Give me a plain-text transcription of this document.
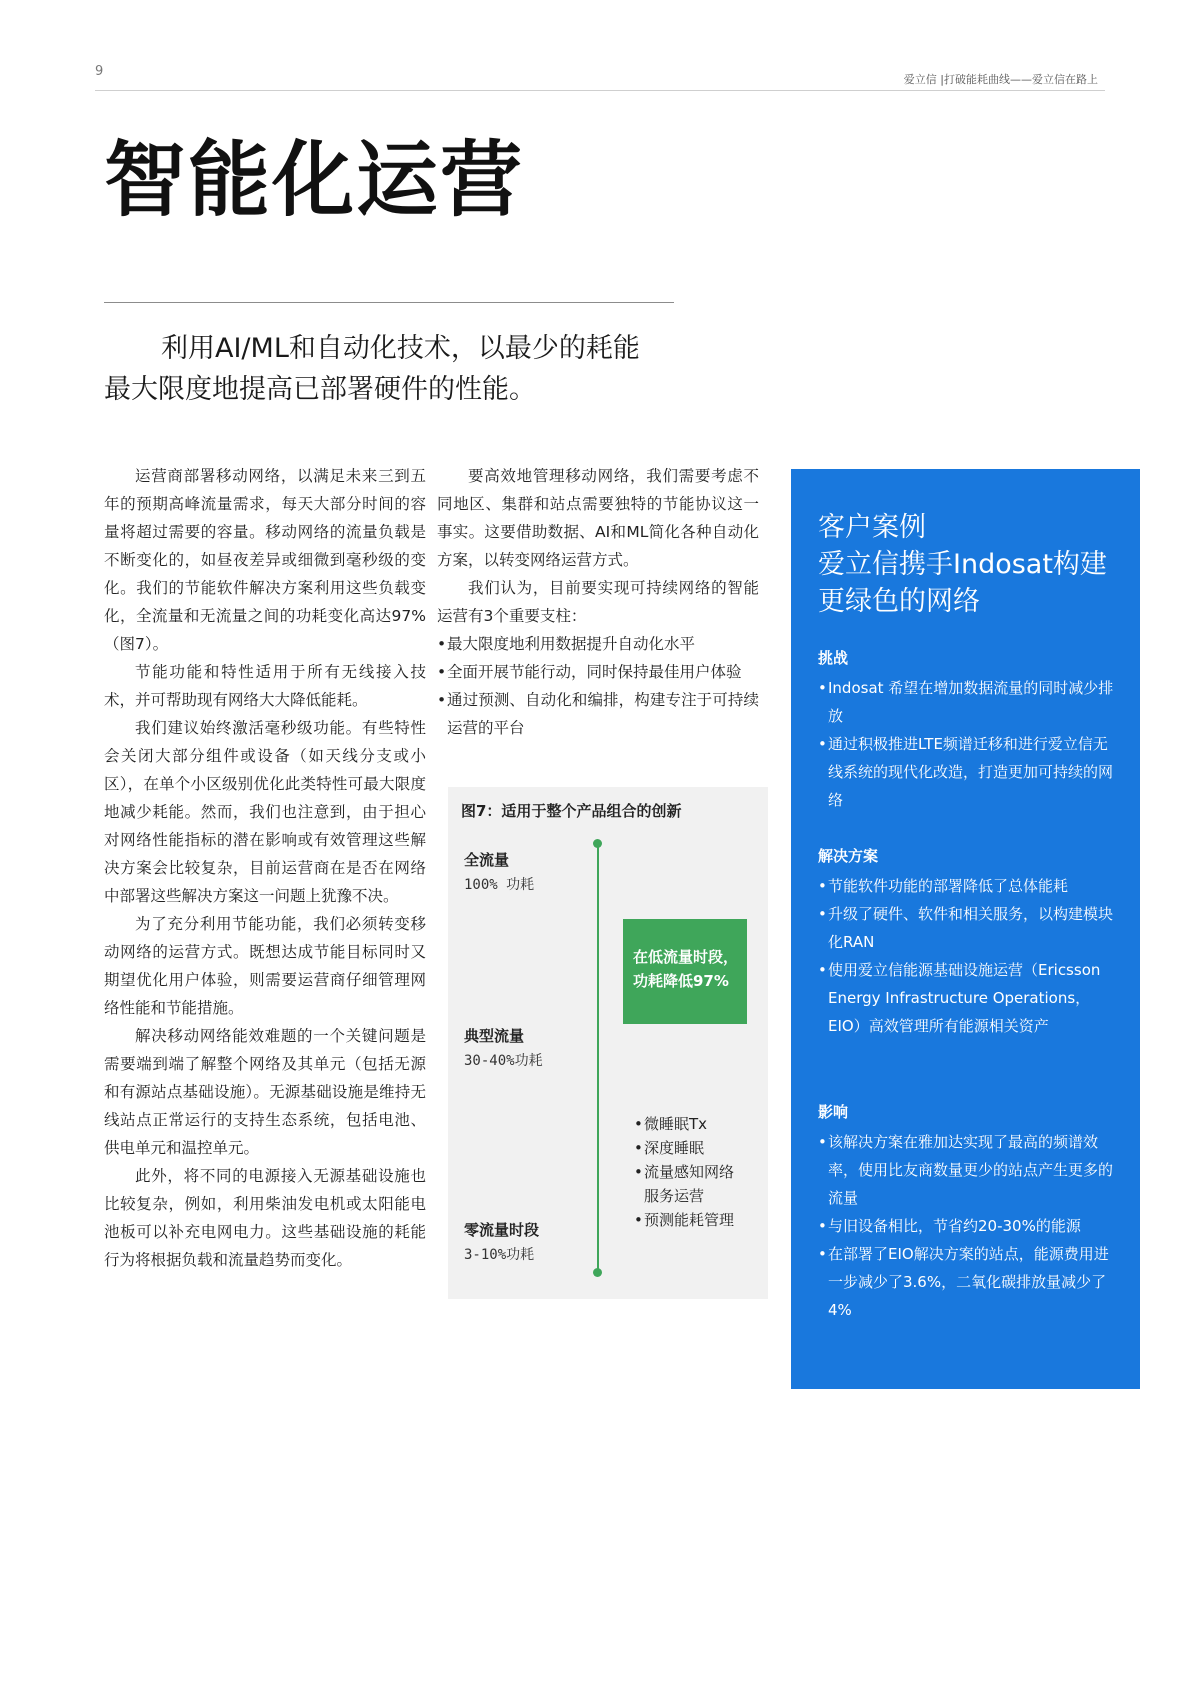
9
爱立信 |打破能耗曲线——爱立信在路上
智能化运营
利用AI/ML和自动化技术，以最少的耗能
最大限度地提高已部署硬件的性能。

运营商部署移动网络，以满足未来三到五年的预期高峰流量需求，每天大部分时间的容量将超过需要的容量。移动网络的流量负载是不断变化的，如昼夜差异或细微到毫秒级的变化。我们的节能软件解决方案利用这些负载变化，全流量和无流量之间的功耗变化高达97%（图7）。

节能功能和特性适用于所有无线接入技术，并可帮助现有网络大大降低能耗。

我们建议始终激活毫秒级功能。有些特性会关闭大部分组件或设备（如天线分支或小区），在单个小区级别优化此类特性可最大限度地减少耗能。然而，我们也注意到，由于担心对网络性能指标的潜在影响或有效管理这些解决方案会比较复杂，目前运营商在是否在网络中部署这些解决方案这一问题上犹豫不决。

为了充分利用节能功能，我们必须转变移动网络的运营方式。既想达成节能目标同时又期望优化用户体验，则需要运营商仔细管理网络性能和节能措施。

解决移动网络能效难题的一个关键问题是需要端到端了解整个网络及其单元（包括无源和有源站点基础设施）。无源基础设施是维持无线站点正常运行的支持生态系统，包括电池、供电单元和温控单元。

此外，将不同的电源接入无源基础设施也比较复杂，例如，利用柴油发电机或太阳能电池板可以补充电网电力。这些基础设施的耗能行为将根据负载和流量趋势而变化。

要高效地管理移动网络，我们需要考虑不同地区、集群和站点需要独特的节能协议这一事实。这要借助数据、AI和ML简化各种自动化方案，以转变网络运营方式。

我们认为，目前要实现可持续网络的智能运营有3个重要支柱：

• 最大限度地利用数据提升自动化水平

• 全面开展节能行动，同时保持最佳用户体验

• 通过预测、自动化和编排，构建专注于可持续运营的平台

图7：适用于整个产品组合的创新
全流量
100% 功耗
典型流量
30-40%功耗
零流量时段
3-10%功耗
在低流量时段，
功耗降低97%
• 微睡眠Tx
• 深度睡眠
• 流量感知网络
服务运营
• 预测能耗管理
客户案例
爱立信携手Indosat构建
更绿色的网络
挑战
• Indosat 希望在增加数据流量的同时减少排放
• 通过积极推进LTE频谱迁移和进行爱立信无线系统的现代化改造，打造更加可持续的网络
解决方案
• 节能软件功能的部署降低了总体能耗
• 升级了硬件、软件和相关服务，以构建模块化RAN
• 使用爱立信能源基础设施运营（Ericsson Energy Infrastructure Operations，EIO）高效管理所有能源相关资产
影响
• 该解决方案在雅加达实现了最高的频谱效率，使用比友商数量更少的站点产生更多的流量
• 与旧设备相比，节省约20-30%的能源
• 在部署了EIO解决方案的站点，能源费用进一步减少了3.6%，二氧化碳排放量减少了4%
